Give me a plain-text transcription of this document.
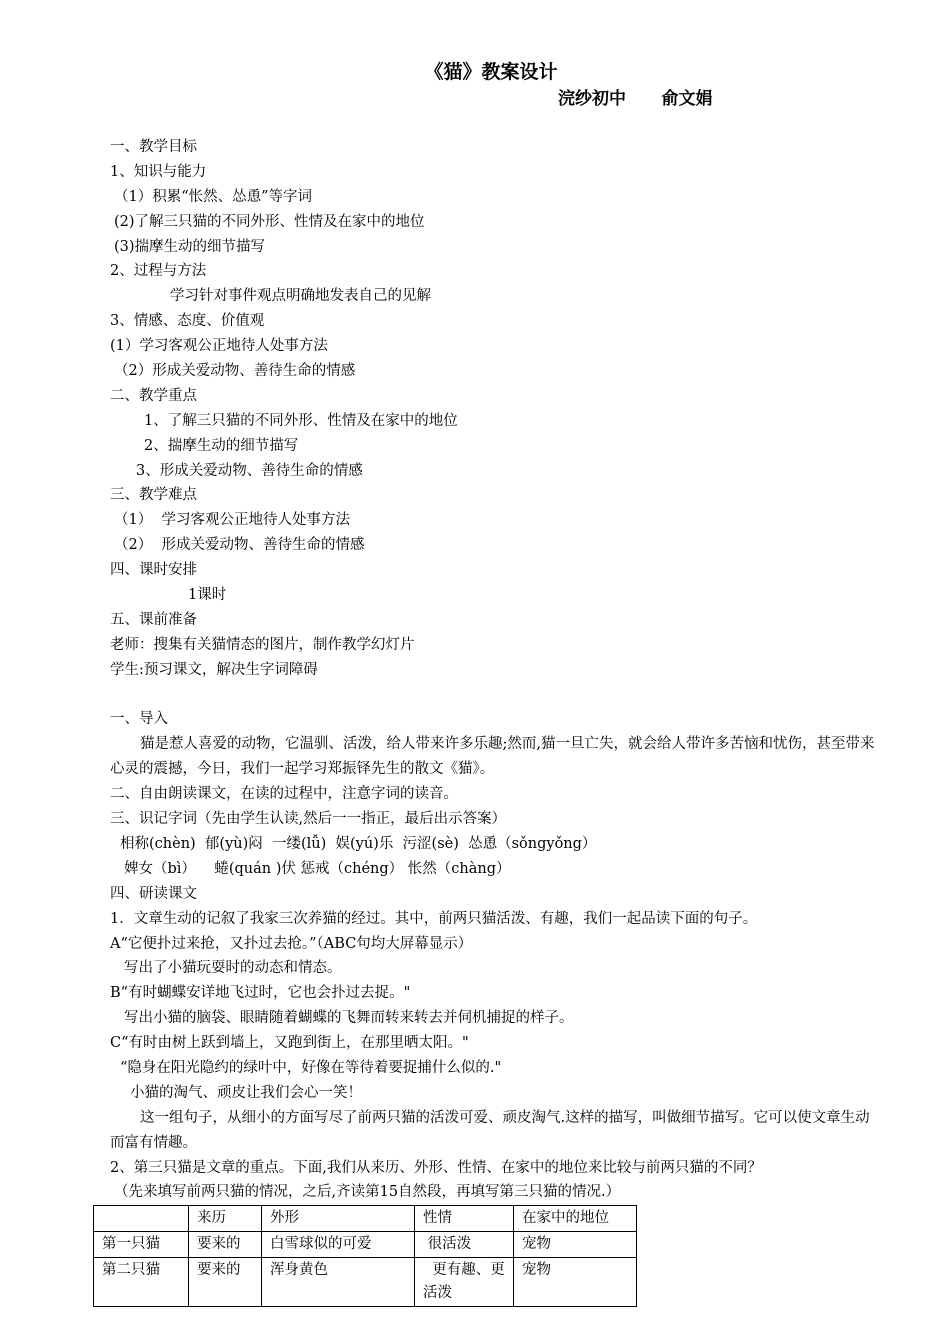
《猫》教案设计
浣纱初中      俞文娟
一、教学目标
1、知识与能力
（1）积累“怅然、怂恿”等字词
(2)了解三只猫的不同外形、性情及在家中的地位
(3)揣摩生动的细节描写
2、过程与方法
学习针对事件观点明确地发表自己的见解
3、情感、态度、价值观
(1）学习客观公正地待人处事方法
（2）形成关爱动物、善待生命的情感
二、教学重点
1、了解三只猫的不同外形、性情及在家中的地位
2、揣摩生动的细节描写
3、形成关爱动物、善待生命的情感
三、教学难点
（1）  学习客观公正地待人处事方法
（2）  形成关爱动物、善待生命的情感
四、课时安排
1课时
五、课前准备
老师：搜集有关猫情态的图片，制作教学幻灯片
学生:预习课文，解决生字词障碍
一、导入
猫是惹人喜爱的动物，它温驯、活泼，给人带来许多乐趣;然而,猫一旦亡失，就会给人带许多苦恼和忧伤，甚至带来心灵的震撼，今日，我们一起学习郑振铎先生的散文《猫》。
二、自由朗读课文，在读的过程中，注意字词的读音。
三、识记字词（先由学生认读,然后一一指正，最后出示答案）
相称(chèn)  郁(yù)闷  一缕(lǚ)  娱(yú)乐  污涩(sè)  怂恿（sǒngyǒng）
婢女（bì）    蜷(quán )伏 惩戒（chéng） 怅然（chàng）
四、研读课文
1．文章生动的记叙了我家三次养猫的经过。其中，前两只猫活泼、有趣，我们一起品读下面的句子。
A“它便扑过来抢，又扑过去抢。”（ABC句均大屏幕显示）
写出了小猫玩耍时的动态和情态。
B“有时蝴蝶安详地飞过时，它也会扑过去捉。"
写出小猫的脑袋、眼睛随着蝴蝶的飞舞而转来转去并伺机捕捉的样子。
C“有时由树上跃到墙上，又跑到街上，在那里晒太阳。"
“隐身在阳光隐约的绿叶中，好像在等待着要捉捕什么似的."
小猫的淘气、顽皮让我们会心一笑！
这一组句子，从细小的方面写尽了前两只猫的活泼可爱、顽皮淘气.这样的描写，叫做细节描写。它可以使文章生动而富有情趣。
2、第三只猫是文章的重点。下面,我们从来历、外形、性情、在家中的地位来比较与前两只猫的不同？
（先来填写前两只猫的情况，之后,齐读第15自然段，再填写第三只猫的情况.）
	来历	外形	性情	在家中的地位
第一只猫	要来的	白雪球似的可爱	很活泼	宠物
第二只猫	要来的	浑身黄色	更有趣、更活泼	宠物
